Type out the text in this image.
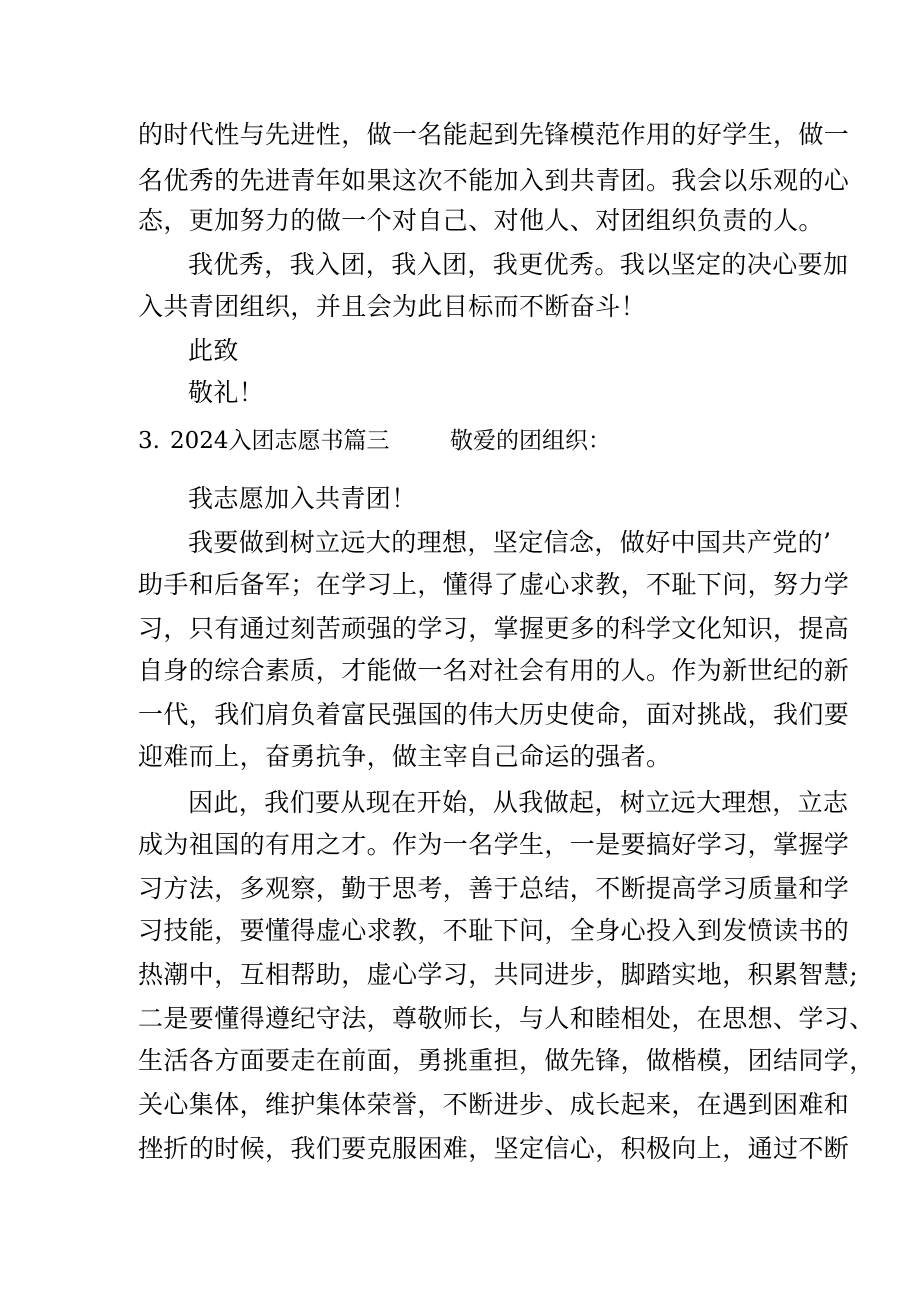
的时代性与先进性，做一名能起到先锋模范作用的好学生，做一
名优秀的先进青年如果这次不能加入到共青团。我会以乐观的心
态，更加努力的做一个对自己、对他人、对团组织负责的人。
我优秀，我入团，我入团，我更优秀。我以坚定的决心要加
入共青团组织，并且会为此目标而不断奋斗！
此致
敬礼！
3. 2024入团志愿书篇三	敬爱的团组织：
我志愿加入共青团！
我要做到树立远大的理想，坚定信念，做好中国共产党的’
助手和后备军；在学习上，懂得了虚心求教，不耻下问，努力学
习，只有通过刻苦顽强的学习，掌握更多的科学文化知识，提高
自身的综合素质，才能做一名对社会有用的人。作为新世纪的新
一代，我们肩负着富民强国的伟大历史使命，面对挑战，我们要
迎难而上，奋勇抗争，做主宰自己命运的强者。
因此，我们要从现在开始，从我做起，树立远大理想，立志
成为祖国的有用之才。作为一名学生，一是要搞好学习，掌握学
习方法，多观察，勤于思考，善于总结，不断提高学习质量和学
习技能，要懂得虚心求教，不耻下问，全身心投入到发愤读书的
热潮中，互相帮助，虚心学习，共同进步，脚踏实地，积累智慧;
二是要懂得遵纪守法，尊敬师长，与人和睦相处，在思想、学习、
生活各方面要走在前面，勇挑重担，做先锋，做楷模，团结同学，
关心集体，维护集体荣誉，不断进步、成长起来，在遇到困难和
挫折的时候，我们要克服困难，坚定信心，积极向上，通过不断
